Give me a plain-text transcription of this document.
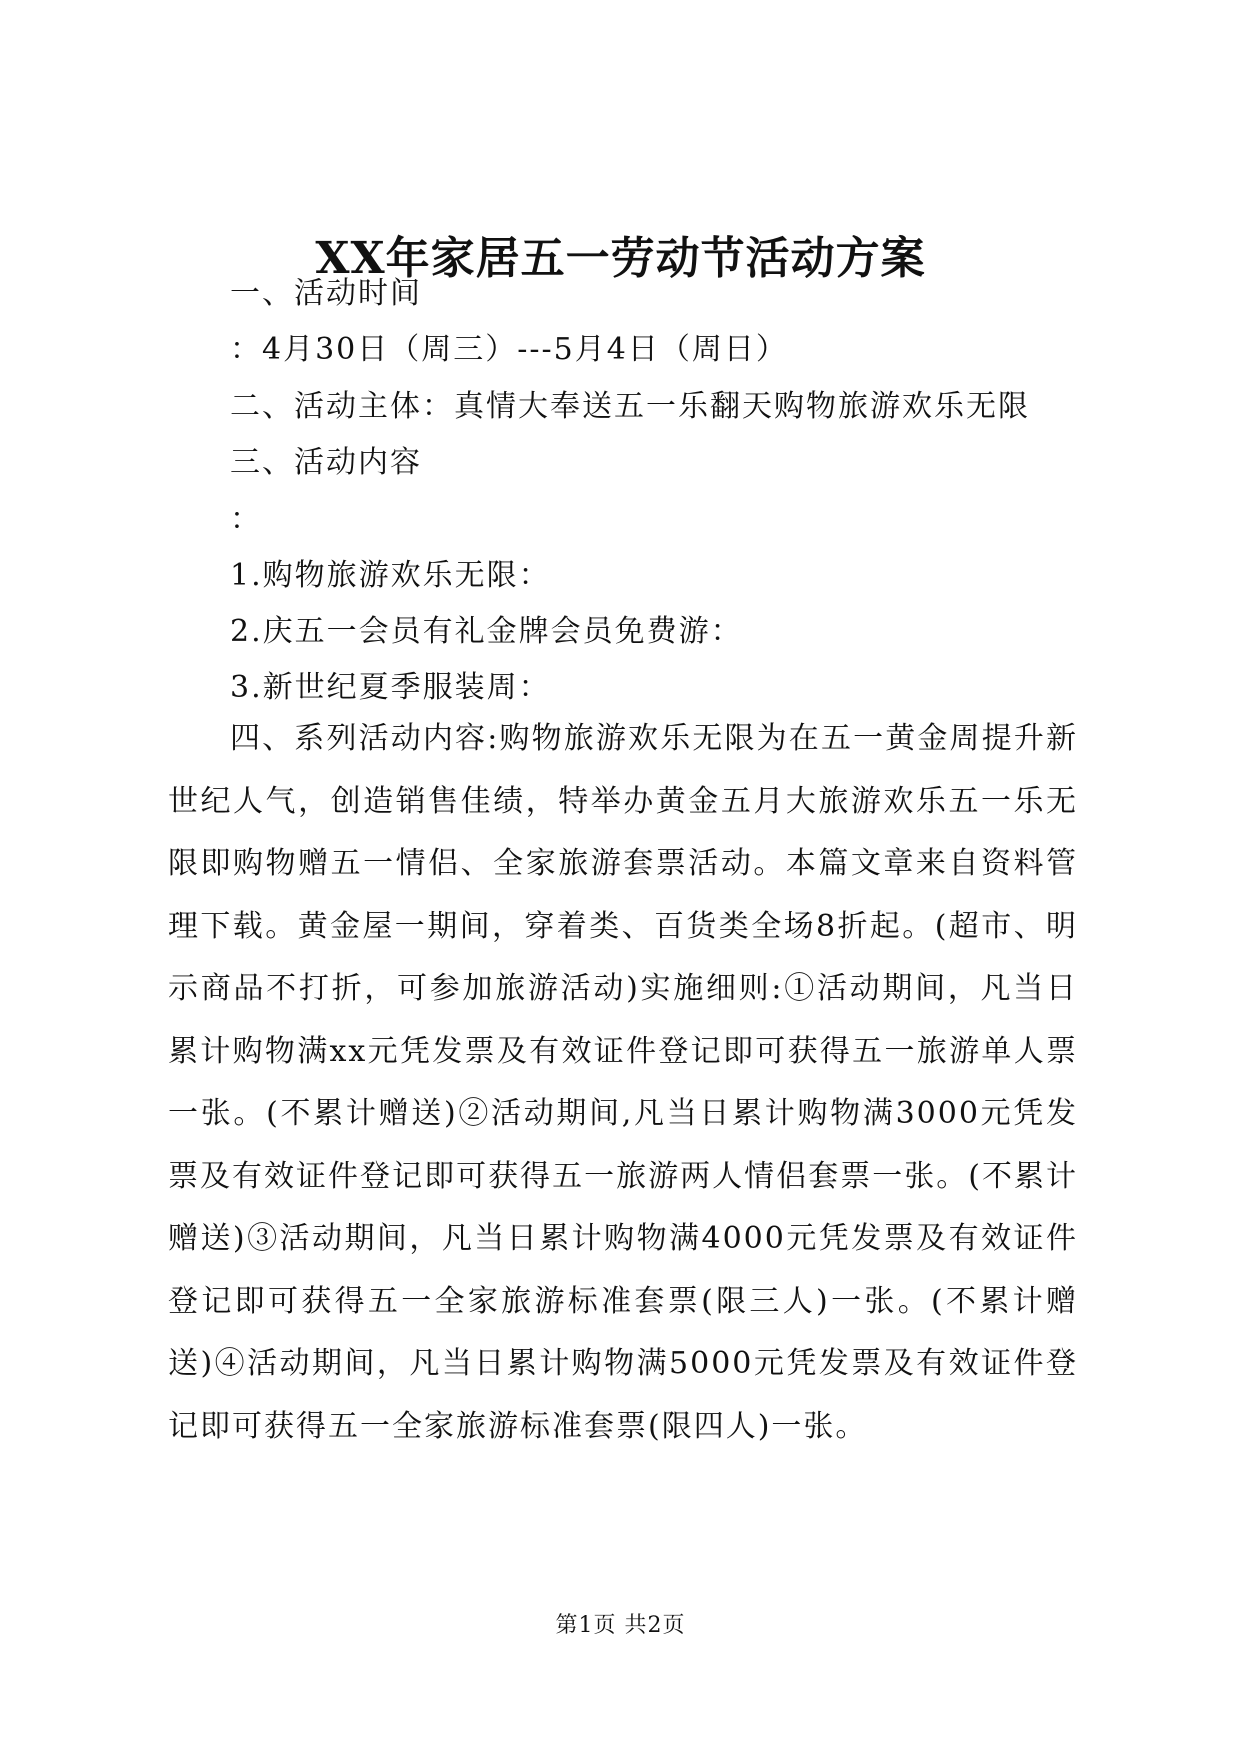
XX年家居五一劳动节活动方案
一、活动时间
：4月30日（周三）---5月4日（周日）
二、活动主体：真情大奉送五一乐翻天购物旅游欢乐无限
三、活动内容
：
1.购物旅游欢乐无限：
2.庆五一会员有礼金牌会员免费游：
3.新世纪夏季服装周：
四、系列活动内容:购物旅游欢乐无限为在五一黄金周提升新世纪人气，创造销售佳绩，特举办黄金五月大旅游欢乐五一乐无限即购物赠五一情侣、全家旅游套票活动。本篇文章来自资料管理下载。黄金屋一期间，穿着类、百货类全场8折起。(超市、明示商品不打折，可参加旅游活动)实施细则:①活动期间，凡当日累计购物满xx元凭发票及有效证件登记即可获得五一旅游单人票一张。(不累计赠送)②活动期间,凡当日累计购物满3000元凭发票及有效证件登记即可获得五一旅游两人情侣套票一张。(不累计赠送)③活动期间，凡当日累计购物满4000元凭发票及有效证件登记即可获得五一全家旅游标准套票(限三人)一张。(不累计赠送)④活动期间，凡当日累计购物满5000元凭发票及有效证件登记即可获得五一全家旅游标准套票(限四人)一张。
第1页 共2页
